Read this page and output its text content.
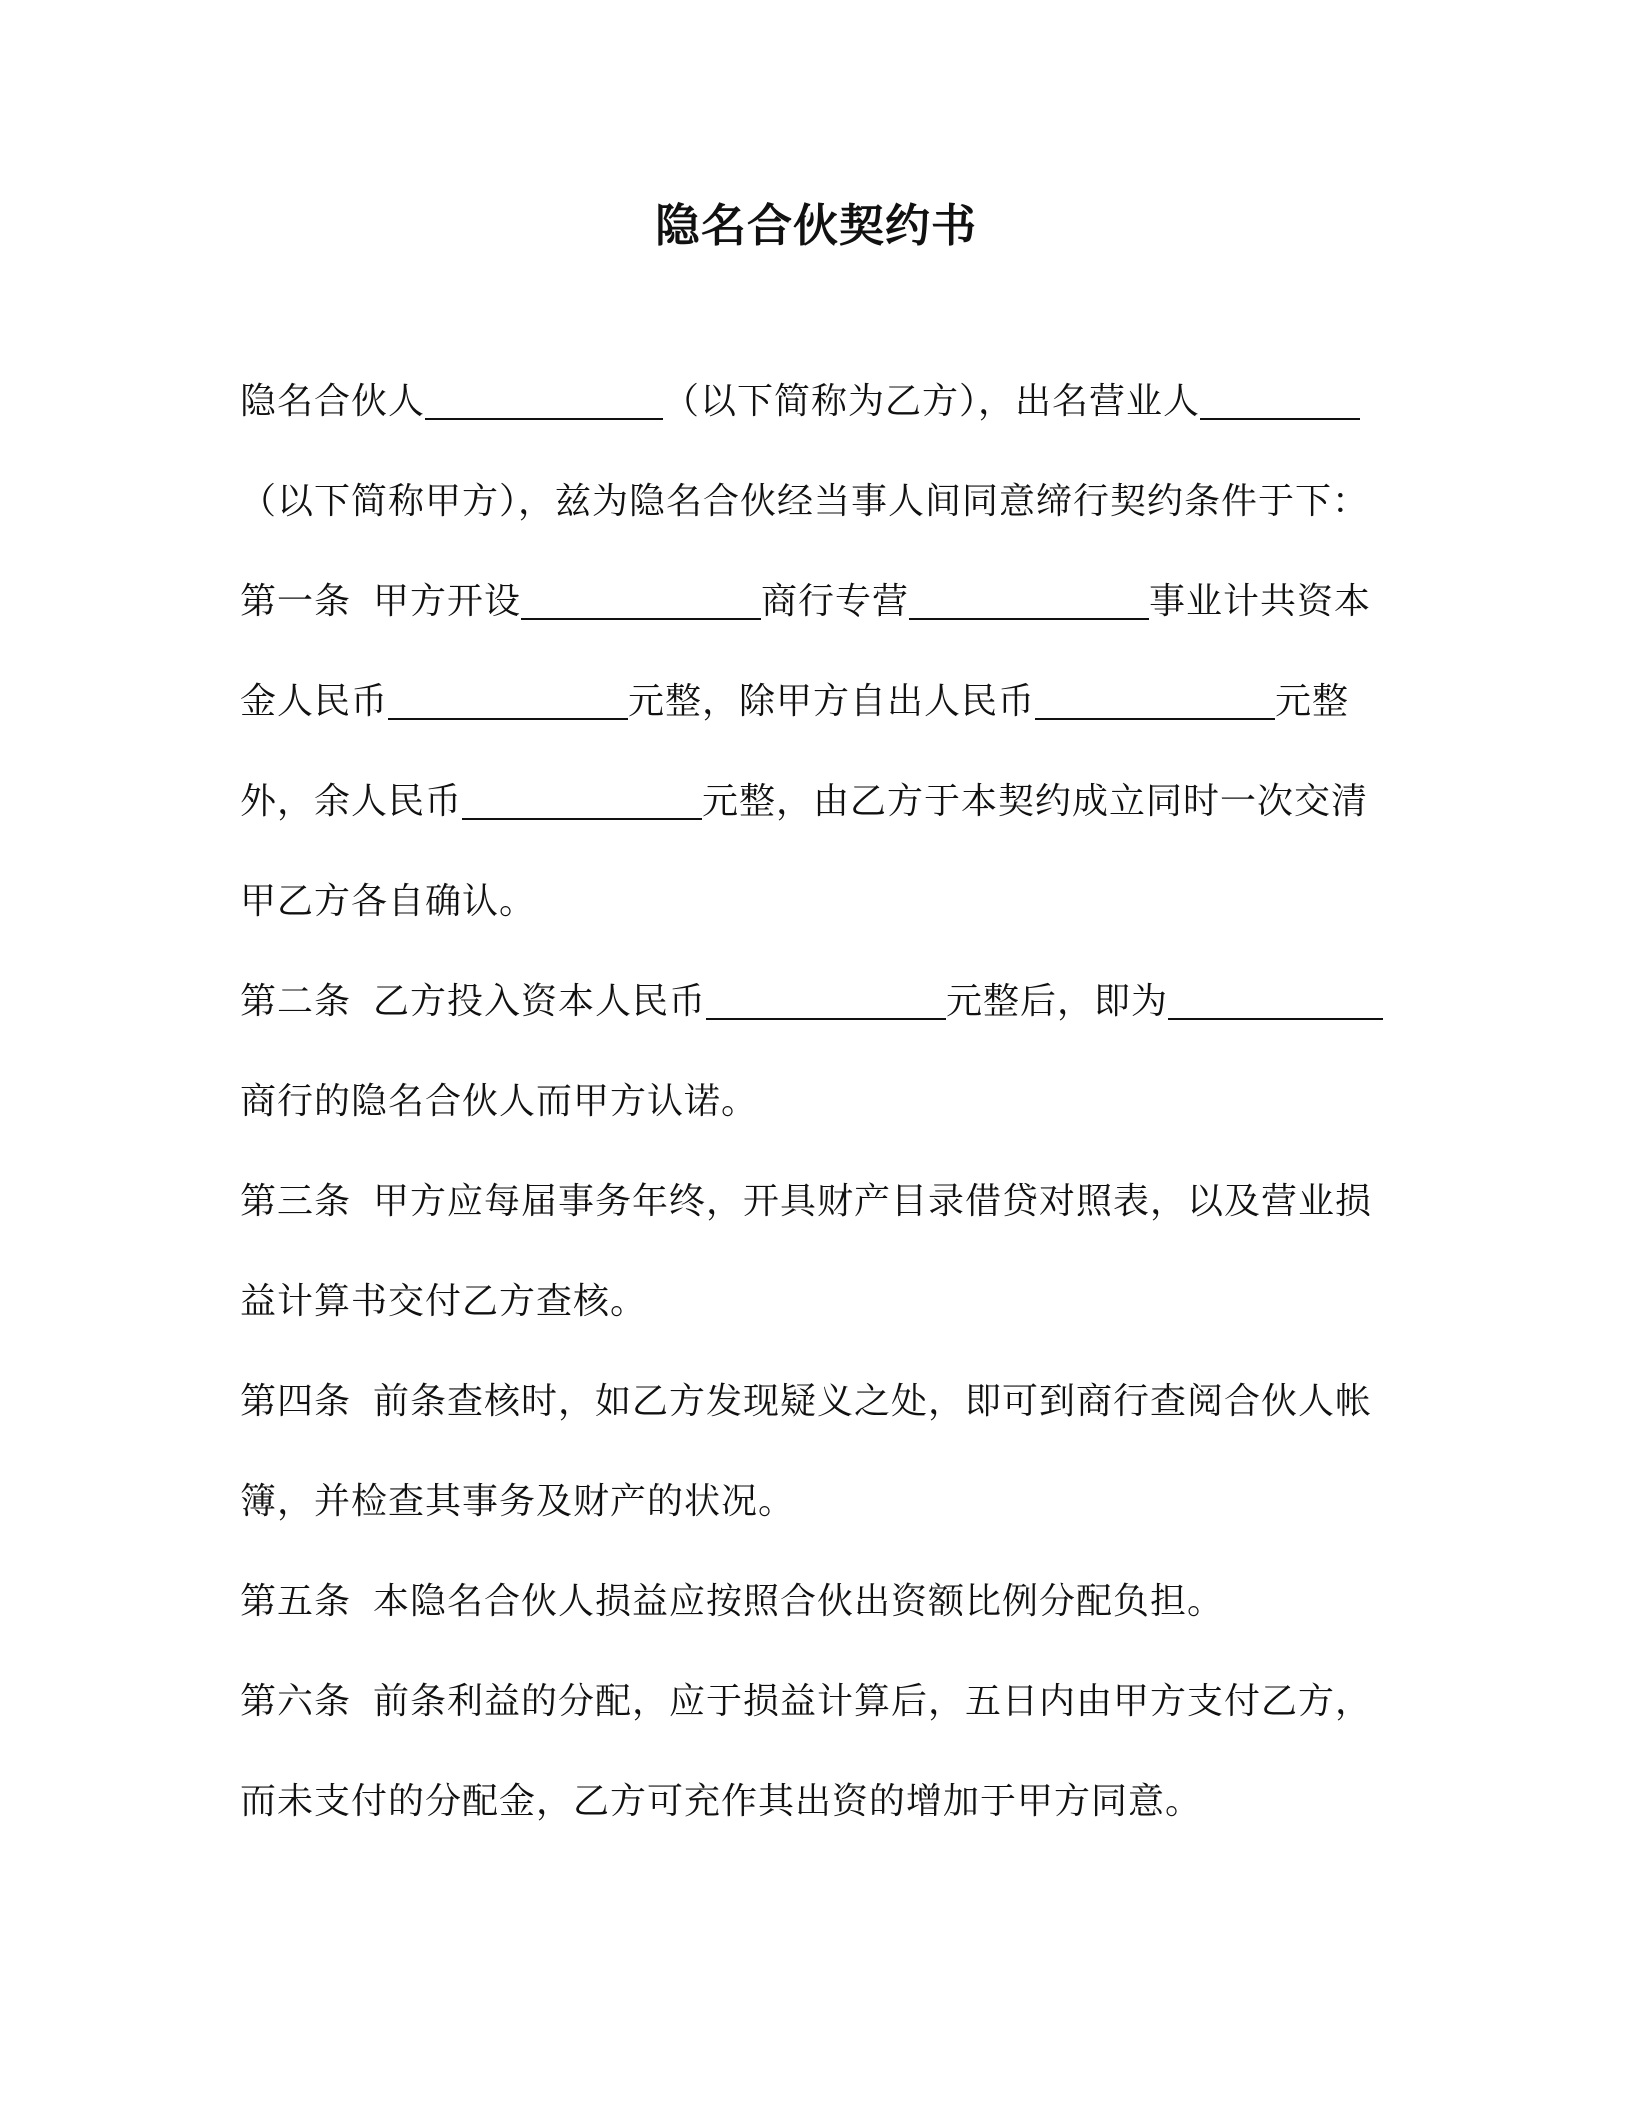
隐名合伙契约书
隐名合伙人	（以下简称为乙方），出名营业人
（以下简称甲方），兹为隐名合伙经当事人间同意缔行契约条件于下：
第一条 甲方开设	商行专营	事业计共资本
金人民币	元整，除甲方自出人民币	元整
外，余人民币	元整，由乙方于本契约成立同时一次交清
甲乙方各自确认。
第二条 乙方投入资本人民币	元整后，即为
商行的隐名合伙人而甲方认诺。
第三条 甲方应每届事务年终，开具财产目录借贷对照表，以及营业损
益计算书交付乙方查核。
第四条 前条查核时，如乙方发现疑义之处，即可到商行查阅合伙人帐
簿，并检查其事务及财产的状况。
第五条 本隐名合伙人损益应按照合伙出资额比例分配负担。
第六条 前条利益的分配，应于损益计算后，五日内由甲方支付乙方，
而未支付的分配金，乙方可充作其出资的增加于甲方同意。
